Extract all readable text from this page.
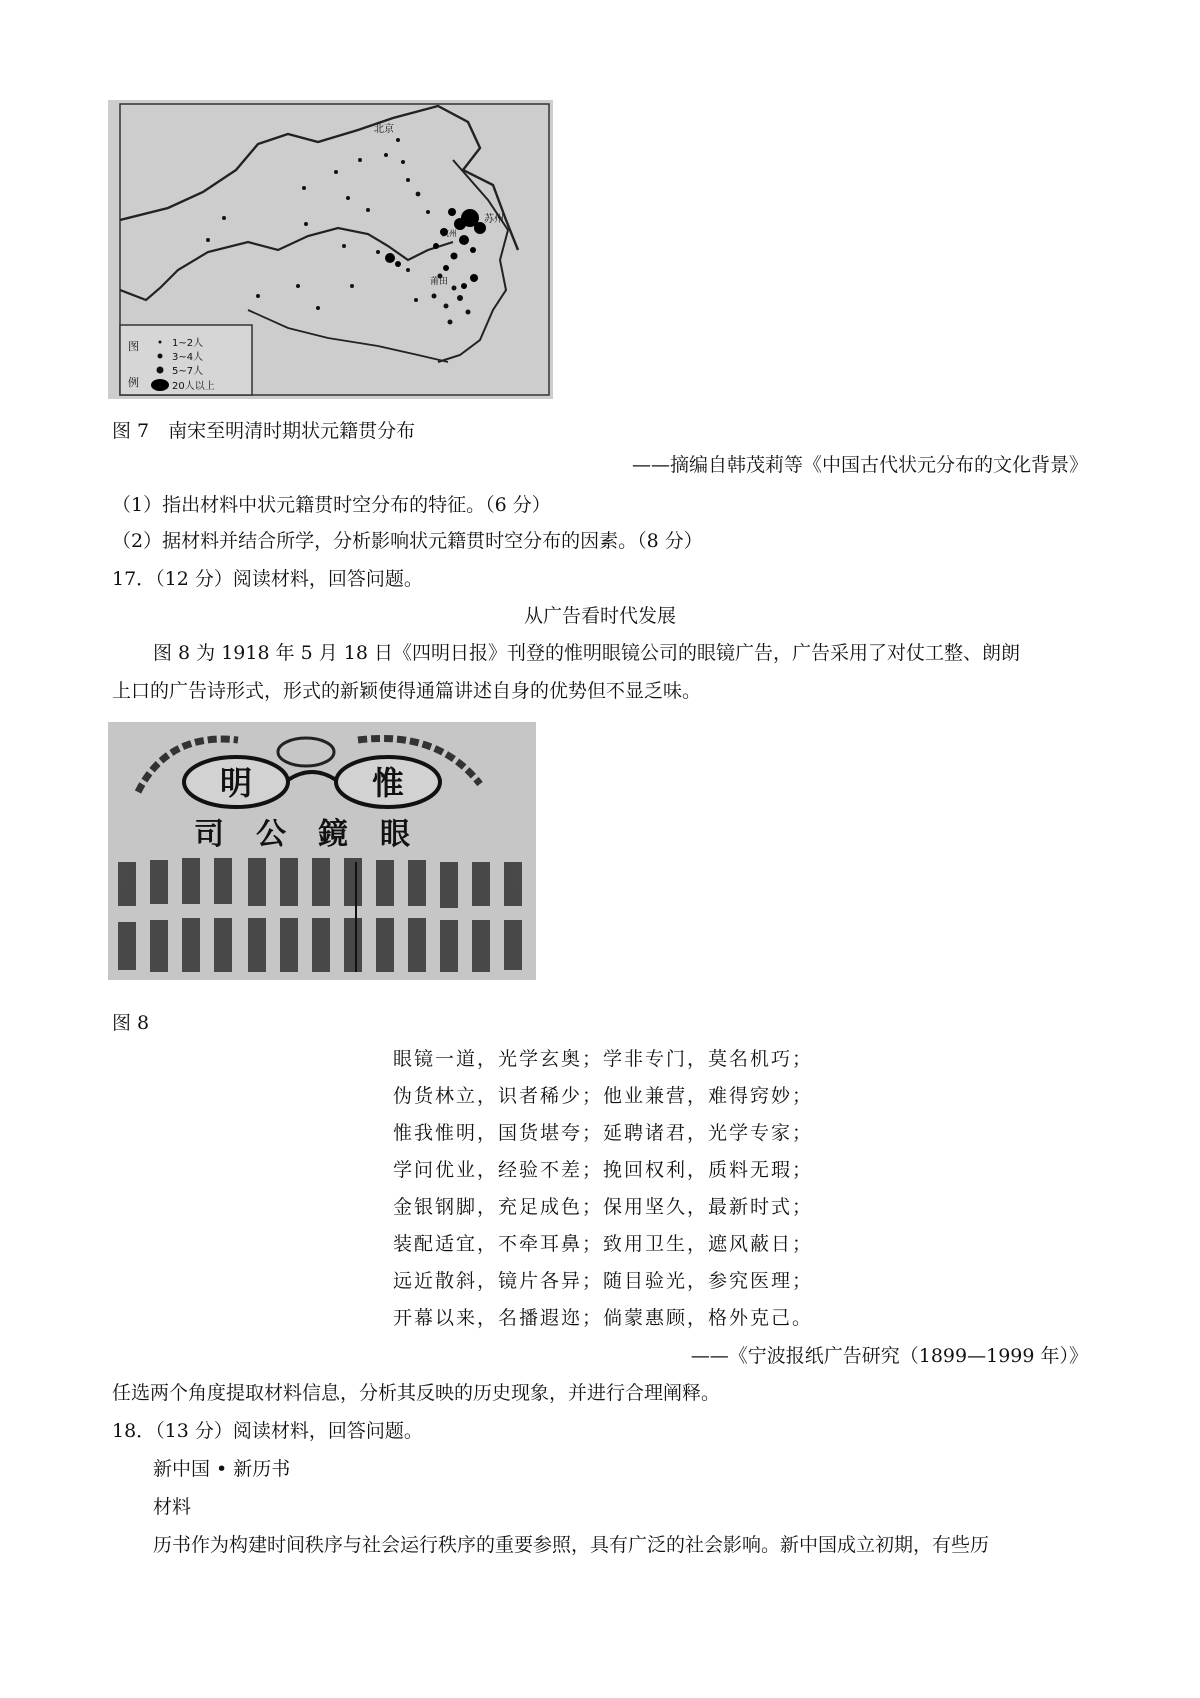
北京
苏州
杭州
莆田
图
例
1~2人
3~4人
5~7人
20人以上
图 7　南宋至明清时期状元籍贯分布
——摘编自韩茂莉等《中国古代状元分布的文化背景》
（1）指出材料中状元籍贯时空分布的特征。（6 分）
（2）据材料并结合所学，分析影响状元籍贯时空分布的因素。（8 分）
17．（12 分）阅读材料，回答问题。
从广告看时代发展
图 8 为 1918 年 5 月 18 日《四明日报》刊登的惟明眼镜公司的眼镜广告，广告采用了对仗工整、朗朗
上口的广告诗形式，形式的新颖使得通篇讲述自身的优势但不显乏味。
明	惟
司公鏡眼
图 8
眼镜一道，光学玄奥；学非专门，莫名机巧；
伪货林立，识者稀少；他业兼营，难得窍妙；
惟我惟明，国货堪夸；延聘诸君，光学专家；
学问优业，经验不差；挽回权利，质料无瑕；
金银钢脚，充足成色；保用坚久，最新时式；
装配适宜，不牵耳鼻；致用卫生，遮风蔽日；
远近散斜，镜片各异；随目验光，参究医理；
开幕以来，名播遐迩；倘蒙惠顾，格外克己。
——《宁波报纸广告研究（1899—1999 年）》
任选两个角度提取材料信息，分析其反映的历史现象，并进行合理阐释。
18．（13 分）阅读材料，回答问题。
新中国 • 新历书
材料
历书作为构建时间秩序与社会运行秩序的重要参照，具有广泛的社会影响。新中国成立初期，有些历
